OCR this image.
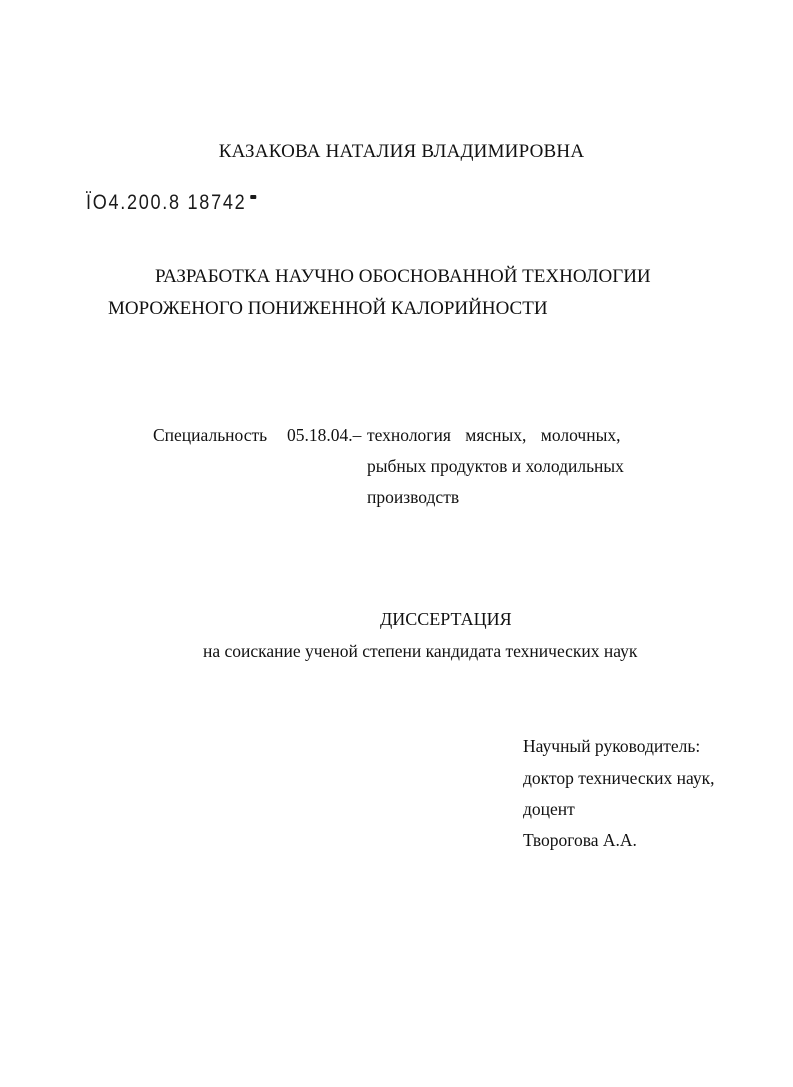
КАЗАКОВА НАТАЛИЯ ВЛАДИМИРОВНА

ЇО4.200.8 18742

РАЗРАБОТКА НАУЧНО ОБОСНОВАННОЙ ТЕХНОЛОГИИ

МОРОЖЕНОГО ПОНИЖЕННОЙ КАЛОРИЙНОСТИ

Специальность 05.18.04.– технология мясных, молочных,
рыбных продуктов и холодильных
производств

ДИССЕРТАЦИЯ

на соискание ученой степени кандидата технических наук

Научный руководитель:

доктор технических наук,

доцент

Творогова А.А.
